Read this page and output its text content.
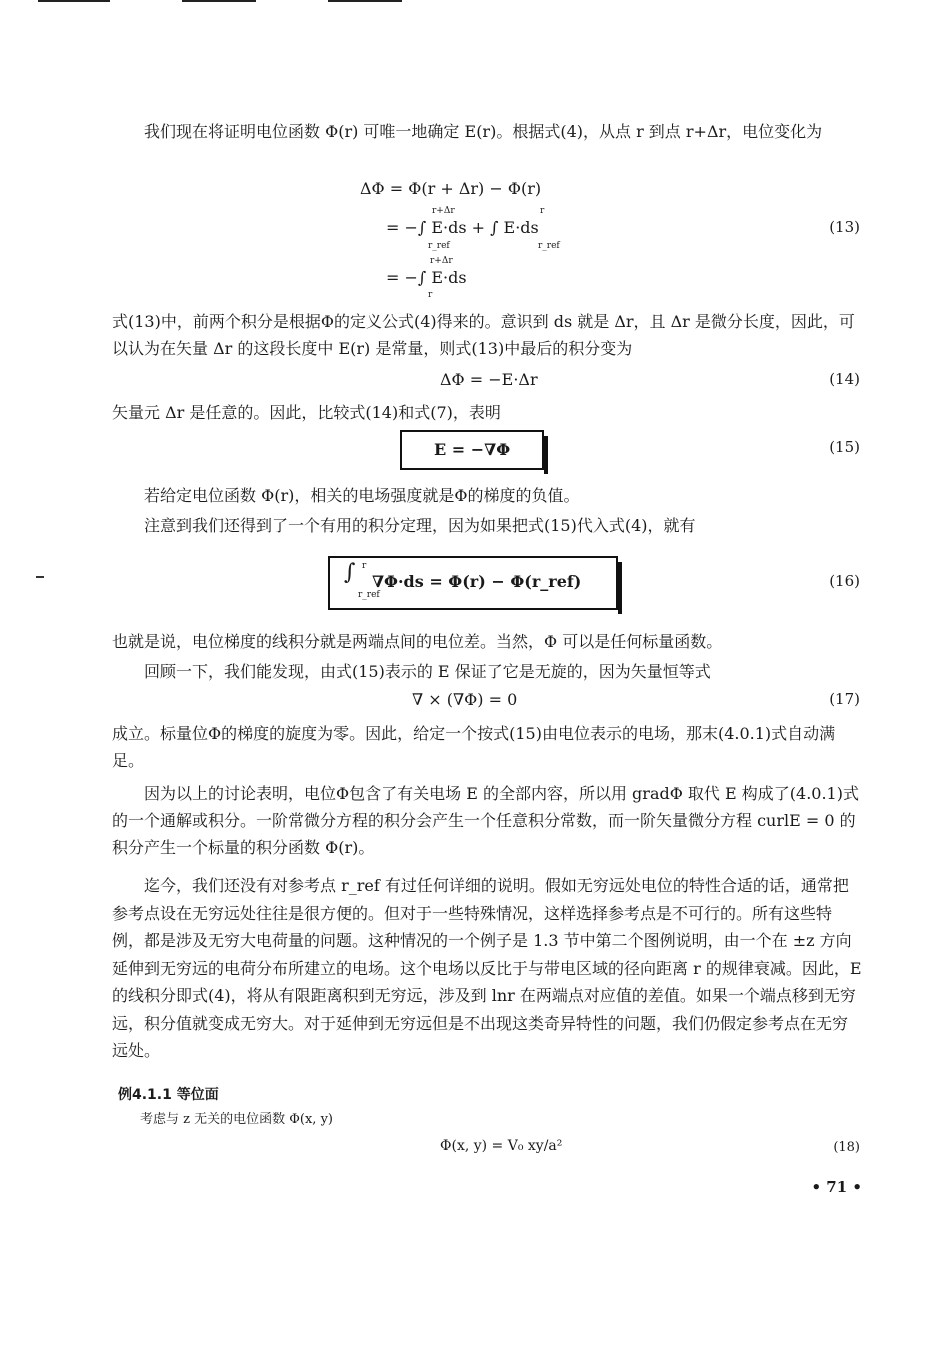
我们现在将证明电位函数 Φ(r) 可唯一地确定 E(r)。根据式(4)，从点 r 到点 r+Δr，电位变化为

ΔΦ = Φ(r + Δr) − Φ(r)
= −∫ E·ds + ∫ E·ds
r+Δr
r_ref
r
r_ref
= −∫ E·ds
r+Δr
r
(13)

式(13)中，前两个积分是根据Φ的定义公式(4)得来的。意识到 ds 就是 Δr，且 Δr 是微分长度，因此，可以认为在矢量 Δr 的这段长度中 E(r) 是常量，则式(13)中最后的积分变为

ΔΦ = −E·Δr	(14)

矢量元 Δr 是任意的。因此，比较式(14)和式(7)，表明

E = −∇Φ	(15)

若给定电位函数 Φ(r)，相关的电场强度就是Φ的梯度的负值。

注意到我们还得到了一个有用的积分定理，因为如果把式(15)代入式(4)，就有

∫ r
r_ref
∇Φ·ds = Φ(r) − Φ(r_ref)	(16)

也就是说，电位梯度的线积分就是两端点间的电位差。当然，Φ 可以是任何标量函数。

回顾一下，我们能发现，由式(15)表示的 E 保证了它是无旋的，因为矢量恒等式

∇ × (∇Φ) = 0	(17)

成立。标量位Φ的梯度的旋度为零。因此，给定一个按式(15)由电位表示的电场，那末(4.0.1)式自动满足。

因为以上的讨论表明，电位Φ包含了有关电场 E 的全部内容，所以用 gradΦ 取代 E 构成了(4.0.1)式的一个通解或积分。一阶常微分方程的积分会产生一个任意积分常数，而一阶矢量微分方程 curlE = 0 的积分产生一个标量的积分函数 Φ(r)。

迄今，我们还没有对参考点 r_ref 有过任何详细的说明。假如无穷远处电位的特性合适的话，通常把参考点设在无穷远处往往是很方便的。但对于一些特殊情况，这样选择参考点是不可行的。所有这些特例，都是涉及无穷大电荷量的问题。这种情况的一个例子是 1.3 节中第二个图例说明，由一个在 ±z 方向延伸到无穷远的电荷分布所建立的电场。这个电场以反比于与带电区域的径向距离 r 的规律衰减。因此，E 的线积分即式(4)，将从有限距离积到无穷远，涉及到 lnr 在两端点对应值的差值。如果一个端点移到无穷远，积分值就变成无穷大。对于延伸到无穷远但是不出现这类奇异特性的问题，我们仍假定参考点在无穷远处。

例4.1.1 等位面
考虑与 z 无关的电位函数 Φ(x, y)
Φ(x, y) = V₀ xy/a²	(18)
• 71 •
